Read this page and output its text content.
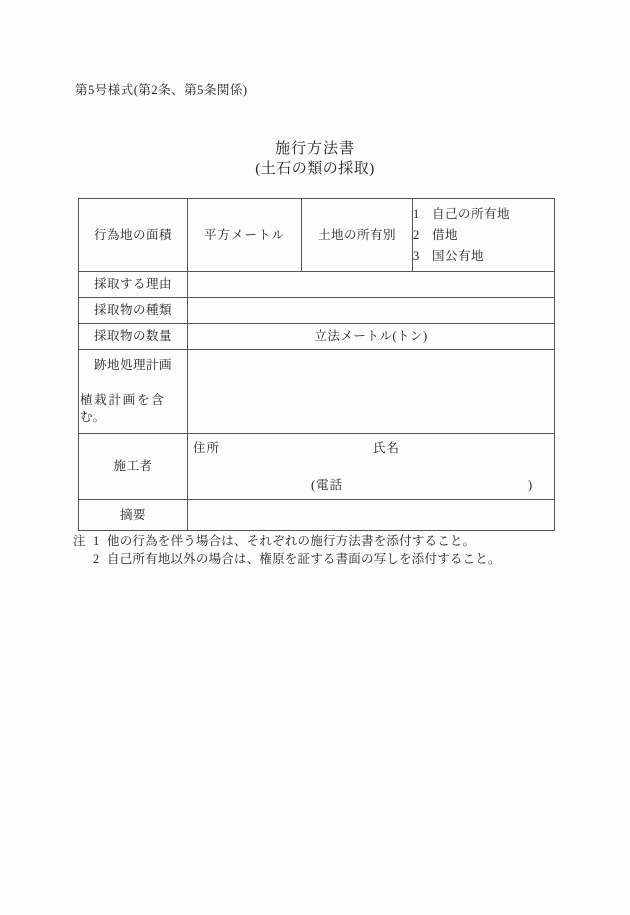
第5号様式(第2条、第5条関係)
施行方法書
(土石の類の採取)
行為地の面積	平方メートル	土地の所有別	
1	自己の所有地
2	借地
3	国公有地

採取する理由			
採取物の種類			
採取物の数量	立法メートル(トン)		

跡地処理計画
植栽計画を含む。			

施工者	住所 氏名
(電話 )		

摘要			
注 1 他の行為を伴う場合は、それぞれの施行方法書を添付すること。
2 自己所有地以外の場合は、権原を証する書面の写しを添付すること。
